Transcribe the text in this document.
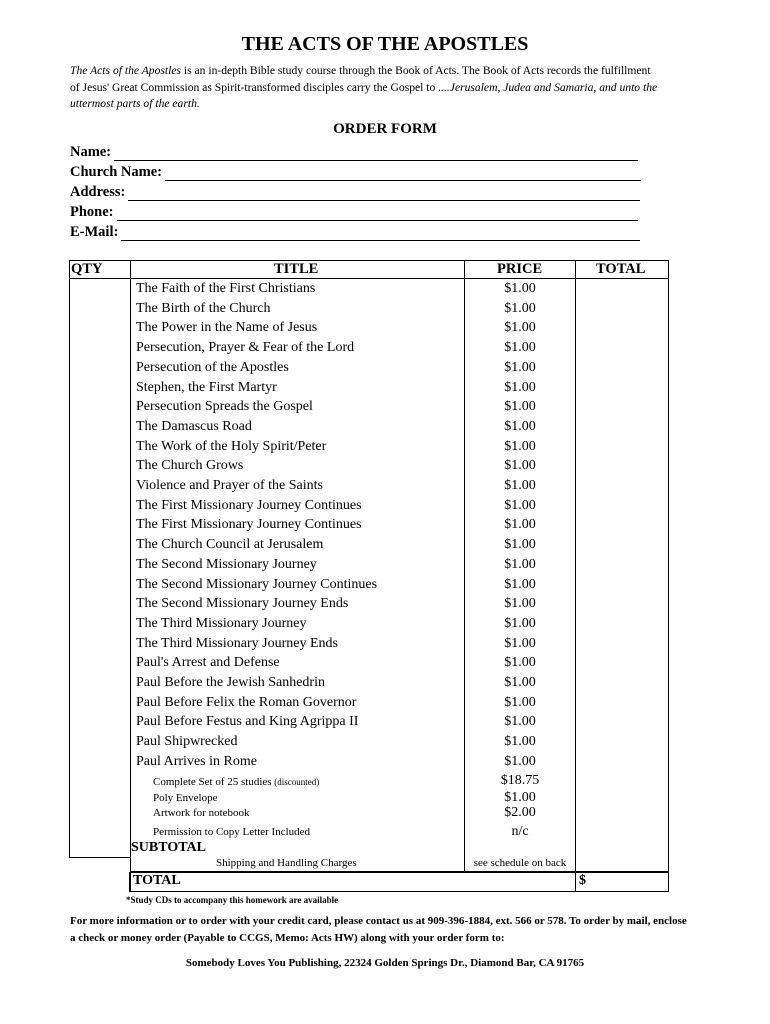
THE ACTS OF THE APOSTLES
The Acts of the Apostles is an in-depth Bible study course through the Book of Acts. The Book of Acts records the fulfillment of Jesus' Great Commission as Spirit-transformed disciples carry the Gospel to ....Jerusalem, Judea and Samaria, and unto the uttermost parts of the earth.
ORDER FORM
Name:
Church Name:
Address:
Phone:
E-Mail:
QTY	TITLE	PRICE	TOTAL
The Faith of the First Christians	$1.00
The Birth of the Church	$1.00
The Power in the Name of Jesus	$1.00
Persecution, Prayer & Fear of the Lord	$1.00
Persecution of the Apostles	$1.00
Stephen, the First Martyr	$1.00
Persecution Spreads the Gospel	$1.00
The Damascus Road	$1.00
The Work of the Holy Spirit/Peter	$1.00
The Church Grows	$1.00
Violence and Prayer of the Saints	$1.00
The First Missionary Journey Continues	$1.00
The First Missionary Journey Continues	$1.00
The Church Council at Jerusalem	$1.00
The Second Missionary Journey	$1.00
The Second Missionary Journey Continues	$1.00
The Second Missionary Journey Ends	$1.00
The Third Missionary Journey	$1.00
The Third Missionary Journey Ends	$1.00
Paul's Arrest and Defense	$1.00
Paul Before the Jewish Sanhedrin	$1.00
Paul Before Felix the Roman Governor	$1.00
Paul Before Festus and King Agrippa II	$1.00
Paul Shipwrecked	$1.00
Paul Arrives in Rome	$1.00
Complete Set of 25 studies (discounted)	$18.75
Poly Envelope	$1.00
Artwork for notebook	$2.00
Permission to Copy Letter Included	n/c
SUBTOTAL
Shipping and Handling Charges	see schedule on back
TOTAL	$
*Study CDs to accompany this homework are available
For more information or to order with your credit card, please contact us at 909-396-1884, ext. 566 or 578. To order by mail, enclose a check or money order (Payable to CCGS, Memo: Acts HW) along with your order form to:
Somebody Loves You Publishing, 22324 Golden Springs Dr., Diamond Bar, CA 91765
